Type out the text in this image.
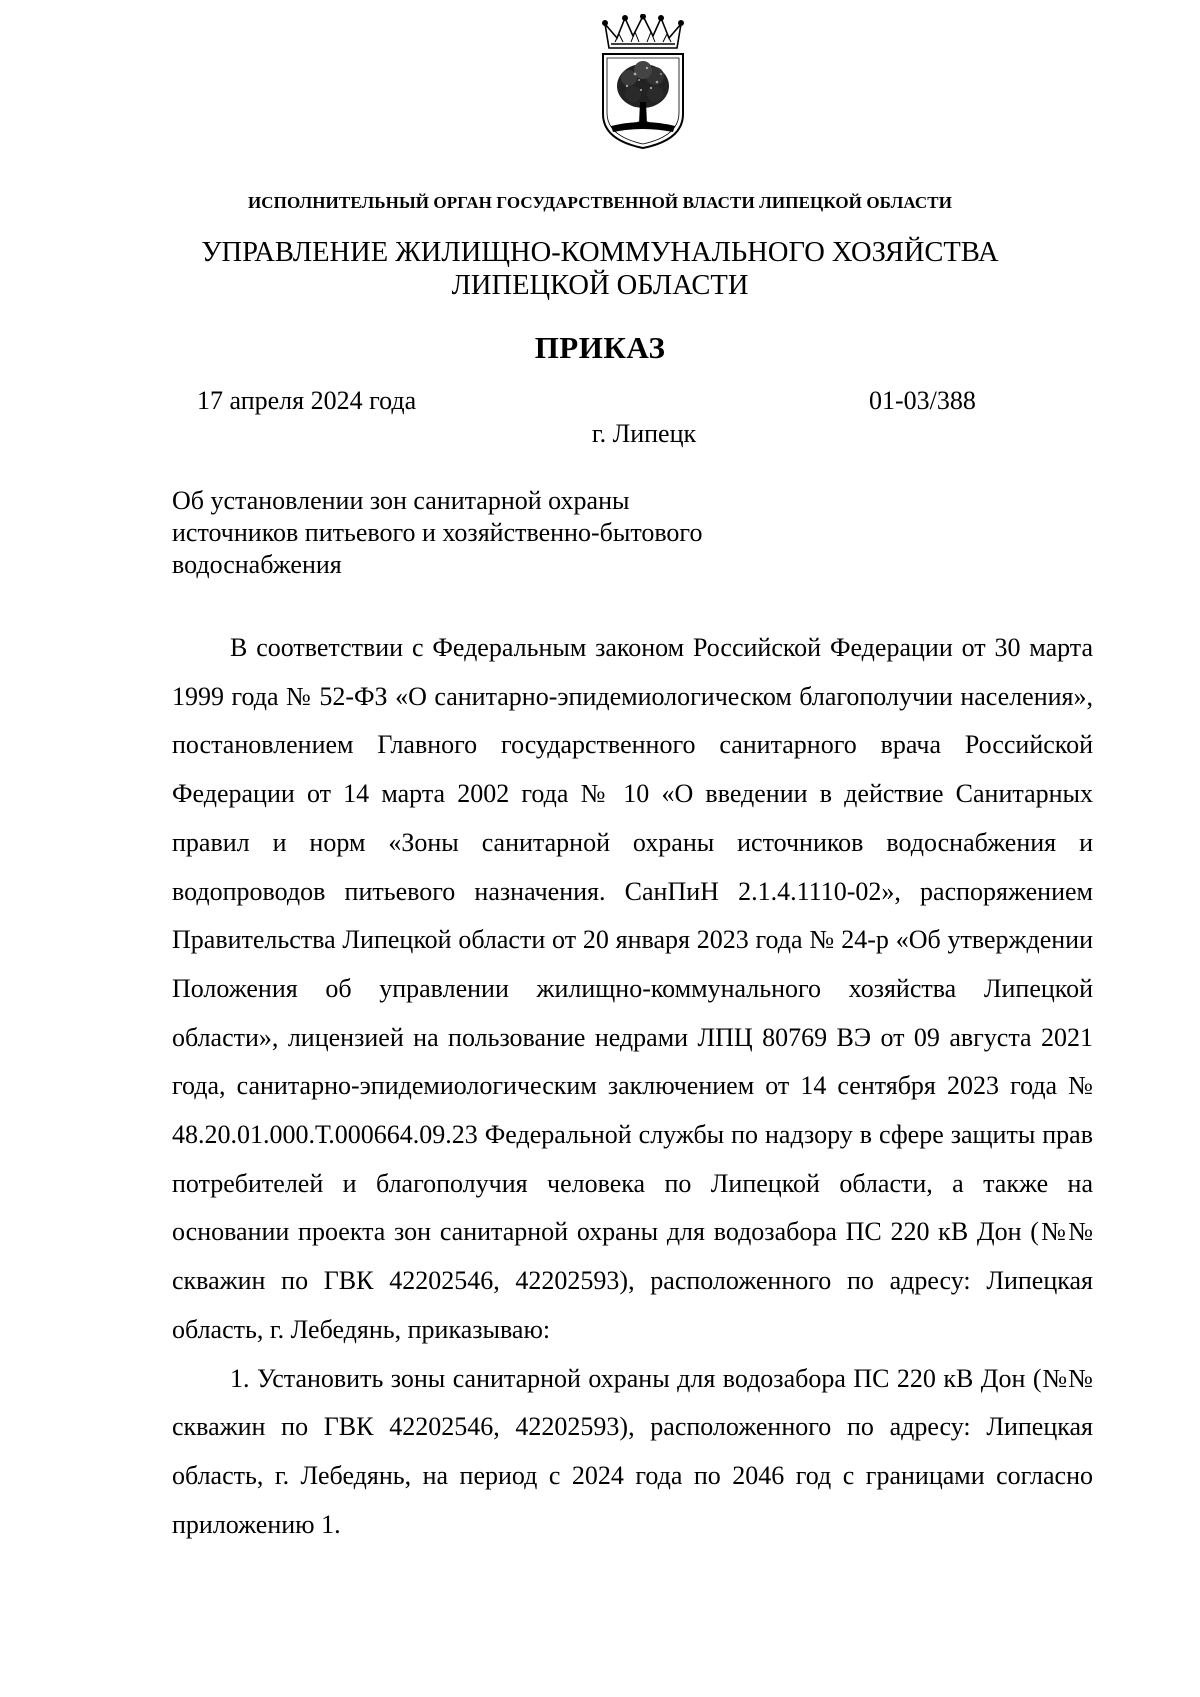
ИСПОЛНИТЕЛЬНЫЙ ОРГАН ГОСУДАРСТВЕННОЙ ВЛАСТИ ЛИПЕЦКОЙ ОБЛАСТИ
УПРАВЛЕНИЕ ЖИЛИЩНО-КОММУНАЛЬНОГО ХОЗЯЙСТВА
ЛИПЕЦКОЙ ОБЛАСТИ
ПРИКАЗ
17 апреля 2024 года	01-03/388
г. Липецк
Об установлении зон санитарной охраны
источников питьевого и хозяйственно-бытового
водоснабжения

В соответствии с Федеральным законом Российской Федерации от 30 марта 1999 года № 52-ФЗ «О санитарно-эпидемиологическом благополучии населения», постановлением Главного государственного санитарного врача Российской Федерации от 14 марта 2002 года № 10 «О введении в действие Санитарных правил и норм «Зоны санитарной охраны источников водоснабжения и водопроводов питьевого назначения. СанПиН 2.1.4.1110-02», распоряжением Правительства Липецкой области от 20 января 2023 года № 24-р «Об утверждении Положения об управлении жилищно-коммунального хозяйства Липецкой области», лицензией на пользование недрами ЛПЦ 80769 ВЭ от 09 августа 2021 года, санитарно-эпидемиологическим заключением от 14 сентября 2023 года № 48.20.01.000.Т.000664.09.23 Федеральной службы по надзору в сфере защиты прав потребителей и благополучия человека по Липецкой области, а также на основании проекта зон санитарной охраны для водозабора ПС 220 кВ Дон (№№ скважин по ГВК 42202546, 42202593), расположенного по адресу: Липецкая область, г. Лебедянь, приказываю:

1. Установить зоны санитарной охраны для водозабора ПС 220 кВ Дон (№№ скважин по ГВК 42202546, 42202593), расположенного по адресу: Липецкая область, г. Лебедянь, на период с 2024 года по 2046 год с границами согласно приложению 1.
